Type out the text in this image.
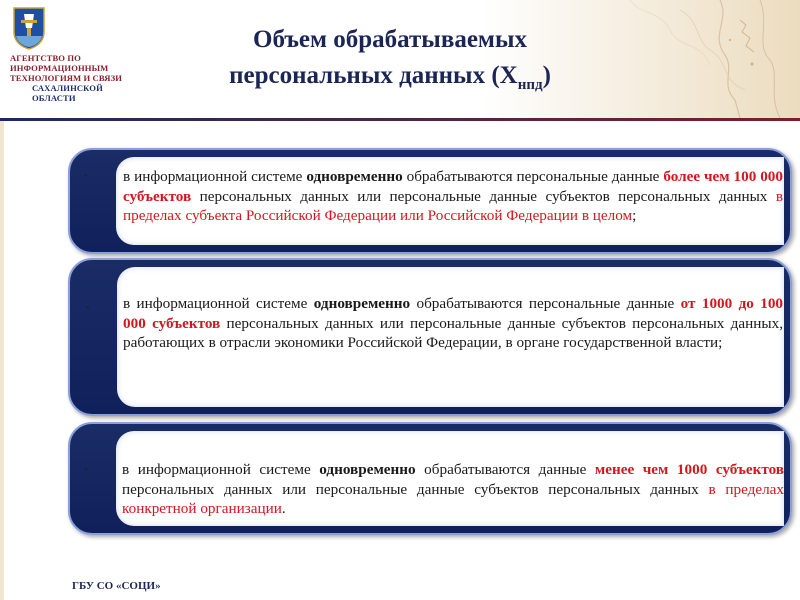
АГЕНТСТВО ПО
ИНФОРМАЦИОННЫМ
ТЕХНОЛОГИЯМ И СВЯЗИ
САХАЛИНСКОЙ
ОБЛАСТИ
Объем обрабатываемых
персональных данных $(Х_{нпд})$
• в информационной системе одновременно обрабатываются персональные данные более чем 100 000 субъектов персональных данных или персональные данные субъектов персональных данных в пределах субъекта Российской Федерации или Российской Федерации в целом;
• в информационной системе одновременно обрабатываются персональные данные от 1000 до 100 000 субъектов персональных данных или персональные данные субъектов персональных данных, работающих в отрасли экономики Российской Федерации, в органе государственной власти;
• в информационной системе одновременно обрабатываются данные менее чем 1000 субъектов персональных данных или персональные данные субъектов персональных данных в пределах конкретной организации.
ГБУ СО «СОЦИ»
